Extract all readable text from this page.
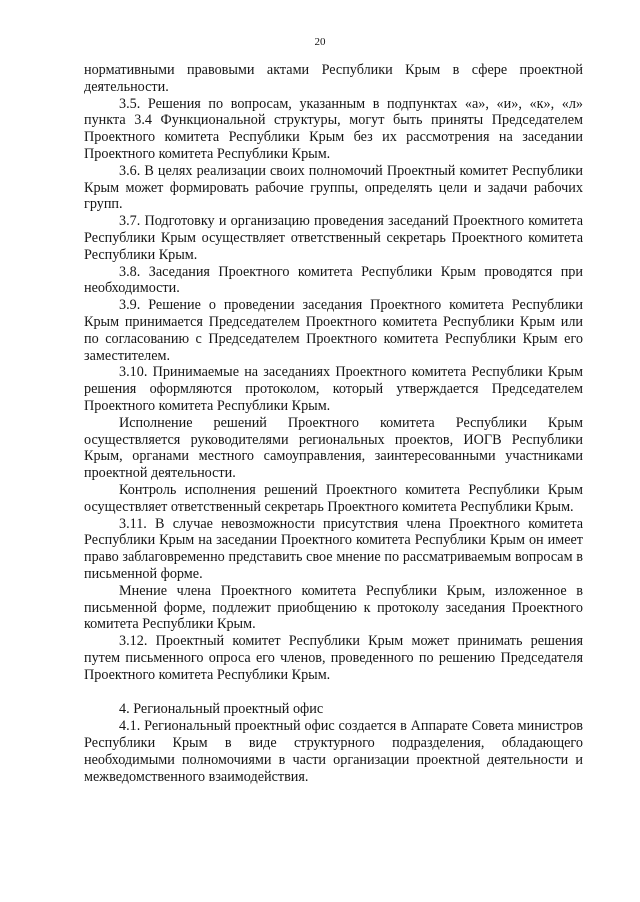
20

нормативными правовыми актами Республики Крым в сфере проектной деятельности.

3.5. Решения по вопросам, указанным в подпунктах «а», «и», «к», «л» пункта 3.4 Функциональной структуры, могут быть приняты Председателем Проектного комитета Республики Крым без их рассмотрения на заседании Проектного комитета Республики Крым.

3.6. В целях реализации своих полномочий Проектный комитет Республики Крым может формировать рабочие группы, определять цели и задачи рабочих групп.

3.7. Подготовку и организацию проведения заседаний Проектного комитета Республики Крым осуществляет ответственный секретарь Проектного комитета Республики Крым.

3.8. Заседания Проектного комитета Республики Крым проводятся при необходимости.

3.9. Решение о проведении заседания Проектного комитета Республики Крым принимается Председателем Проектного комитета Республики Крым или по согласованию с Председателем Проектного комитета Республики Крым его заместителем.

3.10. Принимаемые на заседаниях Проектного комитета Республики Крым решения оформляются протоколом, который утверждается Председателем Проектного комитета Республики Крым.

Исполнение решений Проектного комитета Республики Крым осуществляется руководителями региональных проектов, ИОГВ Республики Крым, органами местного самоуправления, заинтересованными участниками проектной деятельности.

Контроль исполнения решений Проектного комитета Республики Крым осуществляет ответственный секретарь Проектного комитета Республики Крым.

3.11. В случае невозможности присутствия члена Проектного комитета Республики Крым на заседании Проектного комитета Республики Крым он имеет право заблаговременно представить свое мнение по рассматриваемым вопросам в письменной форме.

Мнение члена Проектного комитета Республики Крым, изложенное в письменной форме, подлежит приобщению к протоколу заседания Проектного комитета Республики Крым.

3.12. Проектный комитет Республики Крым может принимать решения путем письменного опроса его членов, проведенного по решению Председателя Проектного комитета Республики Крым.

4. Региональный проектный офис

4.1. Региональный проектный офис создается в Аппарате Совета министров Республики Крым в виде структурного подразделения, обладающего необходимыми полномочиями в части организации проектной деятельности и межведомственного взаимодействия.
